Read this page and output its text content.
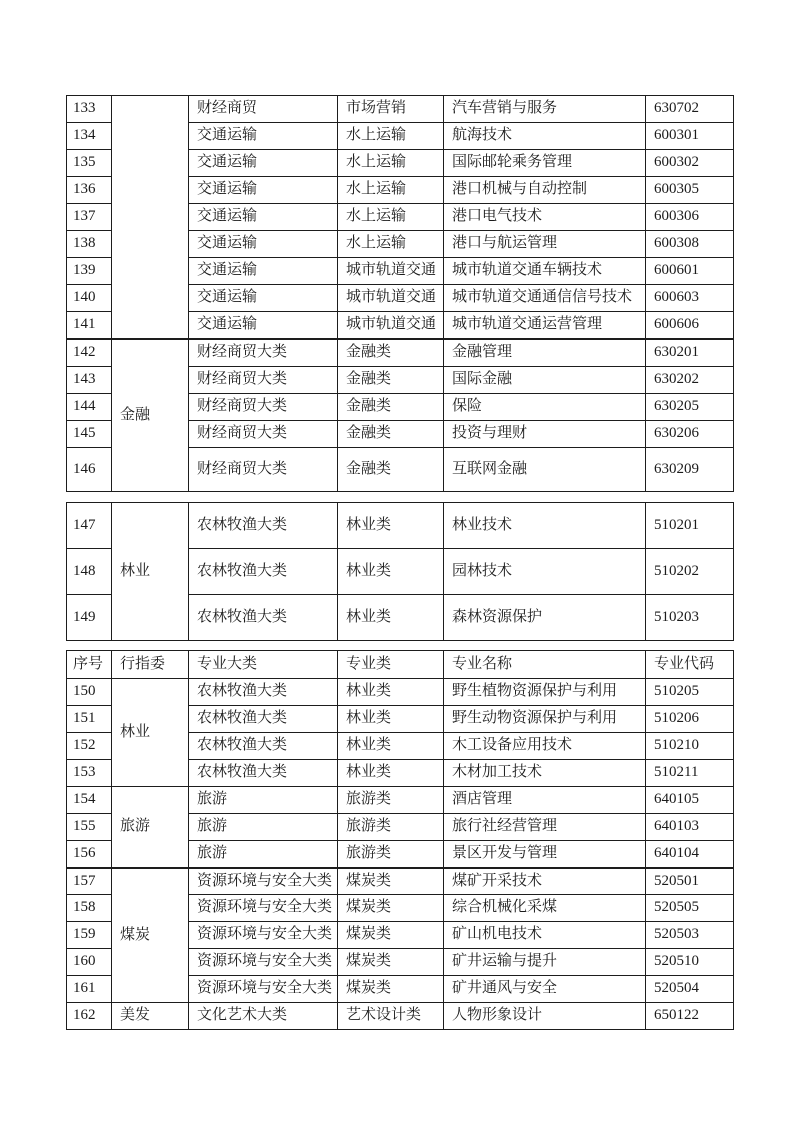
133		财经商贸	市场营销	汽车营销与服务	630702
134		交通运输	水上运输	航海技术	600301
135		交通运输	水上运输	国际邮轮乘务管理	600302
136		交通运输	水上运输	港口机械与自动控制	600305
137		交通运输	水上运输	港口电气技术	600306
138		交通运输	水上运输	港口与航运管理	600308
139		交通运输	城市轨道交通	城市轨道交通车辆技术	600601
140		交通运输	城市轨道交通	城市轨道交通通信信号技术	600603
141		交通运输	城市轨道交通	城市轨道交通运营管理	600606
142	金融	财经商贸大类	金融类	金融管理	630201
143		财经商贸大类	金融类	国际金融	630202
144		财经商贸大类	金融类	保险	630205
145		财经商贸大类	金融类	投资与理财	630206
146		财经商贸大类	金融类	互联网金融	630209
147	林业	农林牧渔大类	林业类	林业技术	510201
148		农林牧渔大类	林业类	园林技术	510202
149		农林牧渔大类	林业类	森林资源保护	510203
序号	行指委	专业大类	专业类	专业名称	专业代码
150	林业	农林牧渔大类	林业类	野生植物资源保护与利用	510205
151		农林牧渔大类	林业类	野生动物资源保护与利用	510206
152		农林牧渔大类	林业类	木工设备应用技术	510210
153		农林牧渔大类	林业类	木材加工技术	510211
154	旅游	旅游	旅游类	酒店管理	640105
155		旅游	旅游类	旅行社经营管理	640103
156		旅游	旅游类	景区开发与管理	640104
157	煤炭	资源环境与安全大类	煤炭类	煤矿开采技术	520501
158		资源环境与安全大类	煤炭类	综合机械化采煤	520505
159		资源环境与安全大类	煤炭类	矿山机电技术	520503
160		资源环境与安全大类	煤炭类	矿井运输与提升	520510
161		资源环境与安全大类	煤炭类	矿井通风与安全	520504
162	美发	文化艺术大类	艺术设计类	人物形象设计	650122
